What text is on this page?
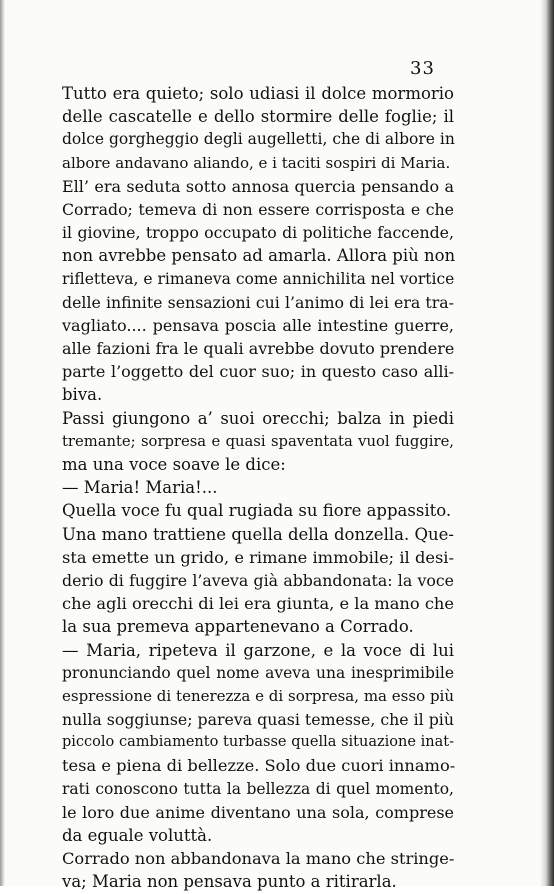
33
Tutto era quieto; solo udiasi il dolce mormorio
delle cascatelle e dello stormire delle foglie; il
dolce gorgheggio degli augelletti, che di albore in
albore andavano aliando, e i taciti sospiri di Maria.
Ell’ era seduta sotto annosa quercia pensando a
Corrado; temeva di non essere corrisposta e che
il giovine, troppo occupato di politiche faccende,
non avrebbe pensato ad amarla. Allora più non
rifletteva, e rimaneva come annichilita nel vortice
delle infinite sensazioni cui l’animo di lei era tra-
vagliato.... pensava poscia alle intestine guerre,
alle fazioni fra le quali avrebbe dovuto prendere
parte l’oggetto del cuor suo; in questo caso alli-
biva.
Passi giungono a’ suoi orecchi; balza in piedi
tremante; sorpresa e quasi spaventata vuol fuggire,
ma una voce soave le dice:
— Maria! Maria!...
Quella voce fu qual rugiada su fiore appassito.
Una mano trattiene quella della donzella. Que-
sta emette un grido, e rimane immobile; il desi-
derio di fuggire l’aveva già abbandonata: la voce
che agli orecchi di lei era giunta, e la mano che
la sua premeva appartenevano a Corrado.
— Maria, ripeteva il garzone, e la voce di lui
pronunciando quel nome aveva una inesprimibile
espressione di tenerezza e di sorpresa, ma esso più
nulla soggiunse; pareva quasi temesse, che il più
piccolo cambiamento turbasse quella situazione inat-
tesa e piena di bellezze. Solo due cuori innamo-
rati conoscono tutta la bellezza di quel momento,
le loro due anime diventano una sola, comprese
da eguale voluttà.
Corrado non abbandonava la mano che stringe-
va; Maria non pensava punto a ritirarla.
